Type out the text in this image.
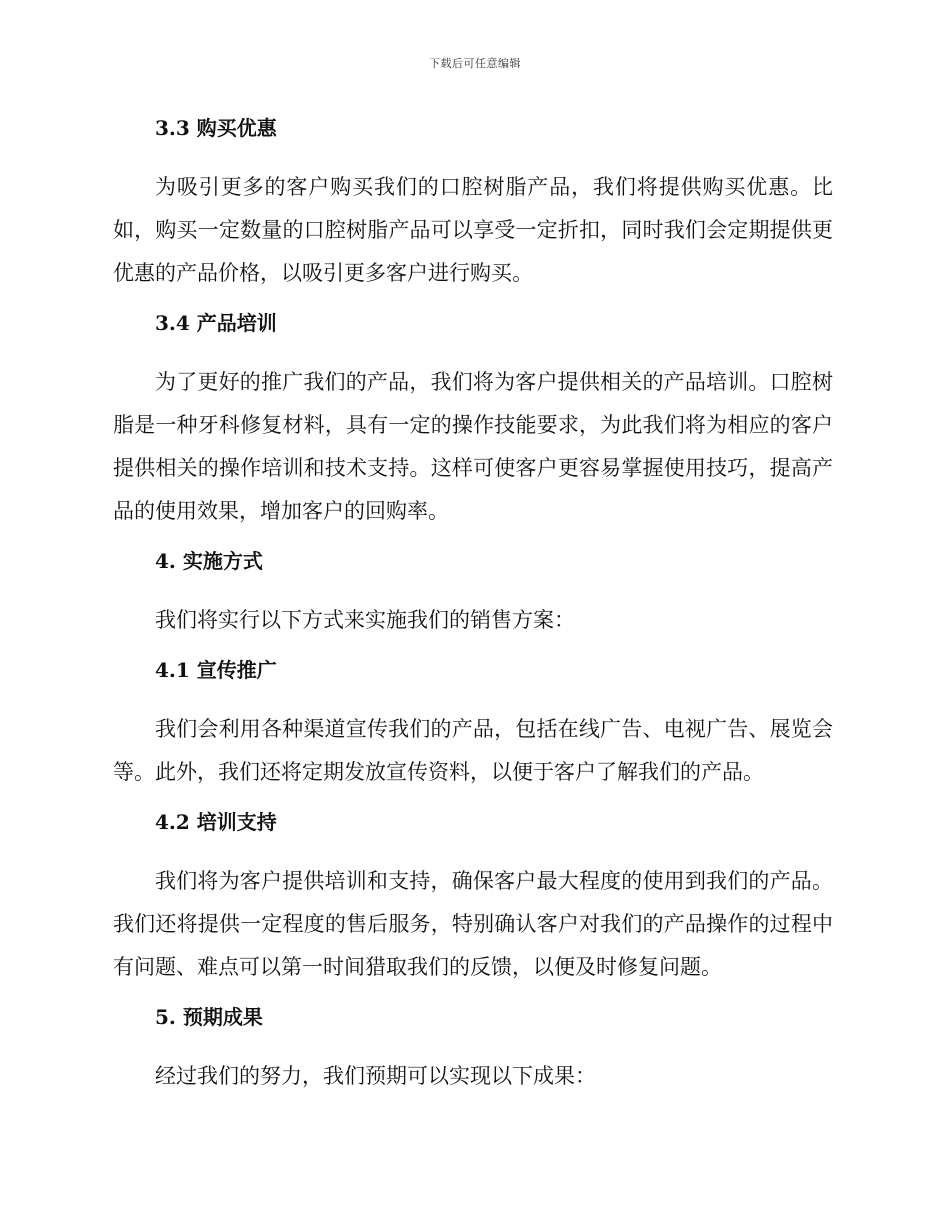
下载后可任意编辑
3.3 购买优惠

为吸引更多的客户购买我们的口腔树脂产品，我们将提供购买优惠。比如，购买一定数量的口腔树脂产品可以享受一定折扣，同时我们会定期提供更优惠的产品价格，以吸引更多客户进行购买。

3.4 产品培训

为了更好的推广我们的产品，我们将为客户提供相关的产品培训。口腔树脂是一种牙科修复材料，具有一定的操作技能要求，为此我们将为相应的客户提供相关的操作培训和技术支持。这样可使客户更容易掌握使用技巧，提高产品的使用效果，增加客户的回购率。

4. 实施方式

我们将实行以下方式来实施我们的销售方案：

4.1 宣传推广

我们会利用各种渠道宣传我们的产品，包括在线广告、电视广告、展览会等。此外，我们还将定期发放宣传资料，以便于客户了解我们的产品。

4.2 培训支持

我们将为客户提供培训和支持，确保客户最大程度的使用到我们的产品。我们还将提供一定程度的售后服务，特别确认客户对我们的产品操作的过程中有问题、难点可以第一时间猎取我们的反馈，以便及时修复问题。

5. 预期成果

经过我们的努力，我们预期可以实现以下成果：
